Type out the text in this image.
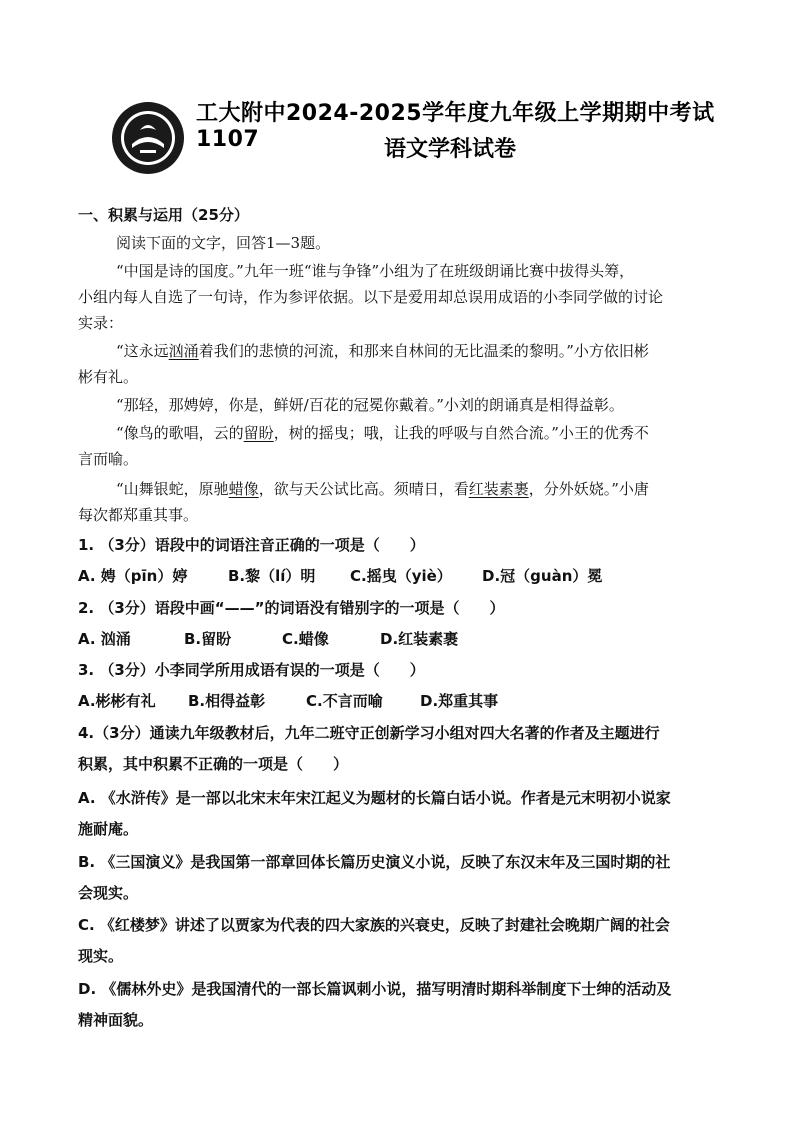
工大附中2024-2025学年度九年级上学期期中考试1107	语文学科试卷
一、积累与运用（25分）
阅读下面的文字，回答1—3题。
“中国是诗的国度。”九年一班“谁与争锋”小组为了在班级朗诵比赛中拔得头筹，
小组内每人自选了一句诗，作为参评依据。以下是爱用却总误用成语的小李同学做的讨论
实录：
“这永远汹涌着我们的悲愤的河流，和那来自林间的无比温柔的黎明。”小方依旧彬
彬有礼。
“那轻，那娉婷，你是，鲜妍/百花的冠冕你戴着。”小刘的朗诵真是相得益彰。
“像鸟的歌唱，云的留盼，树的摇曳；哦，让我的呼吸与自然合流。”小王的优秀不
言而喻。
“山舞银蛇，原驰蜡像，欲与天公试比高。须晴日，看红装素裹，分外妖娆。”小唐
每次都郑重其事。
1. （3分）语段中的词语注音正确的一项是（　　）
A. 娉（pīn）婷	B.黎（lí）明 C.摇曳（yiè） D.冠（guàn）冕
2. （3分）语段中画“——”的词语没有错别字的一项是（　　）
A. 汹涌	B.留盼	C.蜡像	D.红装素裹
3. （3分）小李同学所用成语有误的一项是（　　）
A.彬彬有礼 B.相得益彰	C.不言而喻 D.郑重其事
4.（3分）通读九年级教材后，九年二班守正创新学习小组对四大名著的作者及主题进行
积累，其中积累不正确的一项是（　　）
A. 《水浒传》是一部以北宋末年宋江起义为题材的长篇白话小说。作者是元末明初小说家
施耐庵。
B. 《三国演义》是我国第一部章回体长篇历史演义小说，反映了东汉末年及三国时期的社
会现实。
C. 《红楼梦》讲述了以贾家为代表的四大家族的兴衰史，反映了封建社会晚期广阔的社会
现实。
D. 《儒林外史》是我国清代的一部长篇讽刺小说，描写明清时期科举制度下士绅的活动及
精神面貌。
